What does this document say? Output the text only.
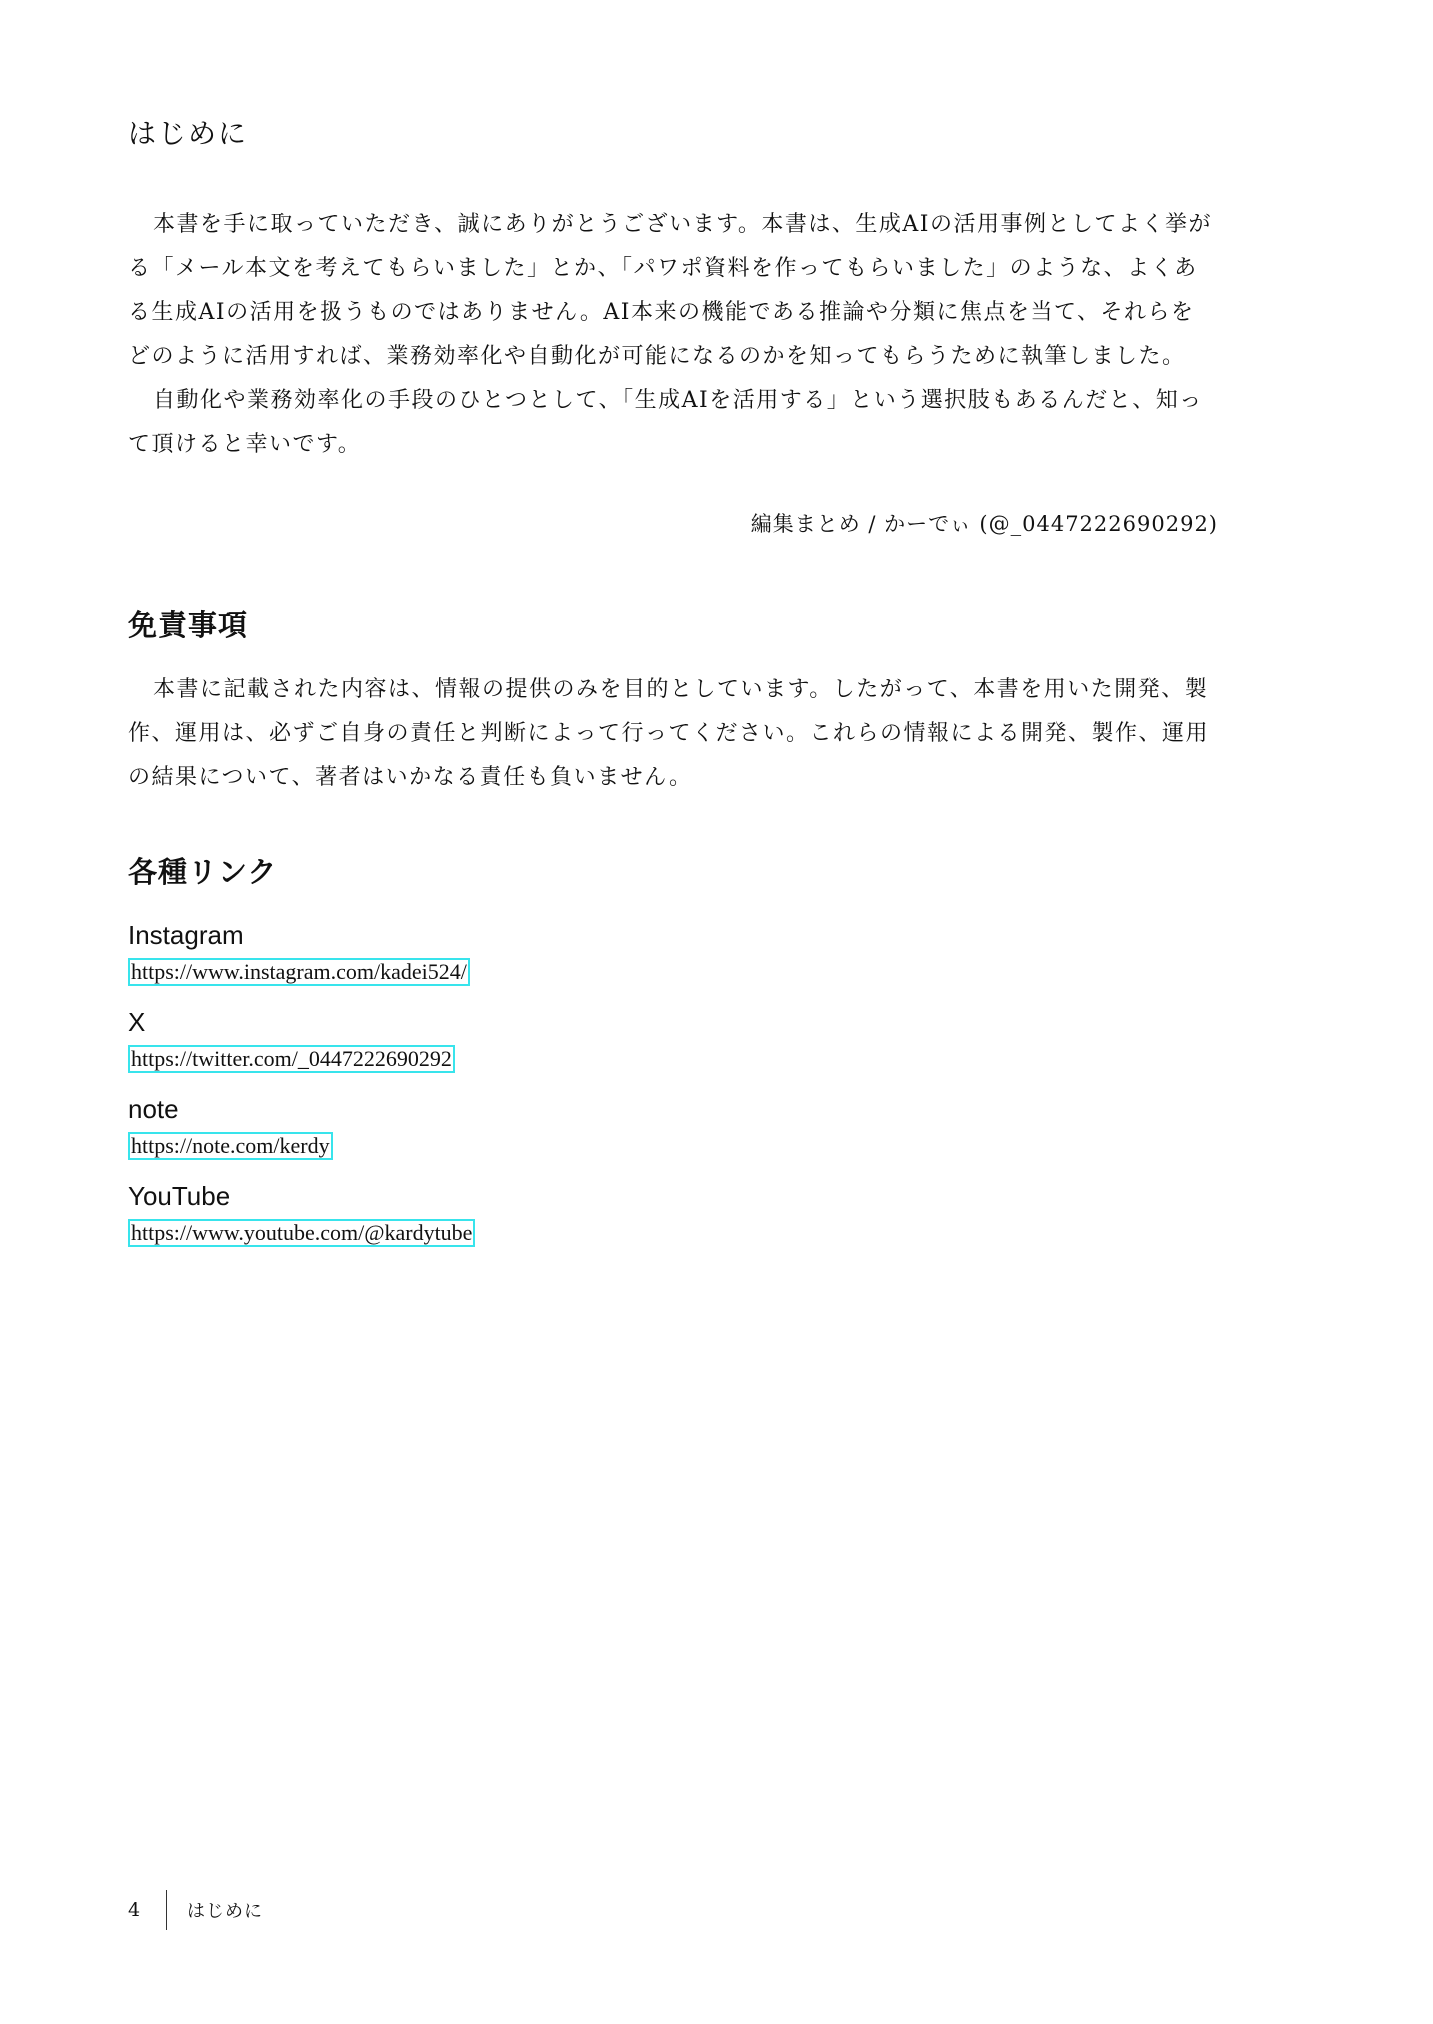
はじめに

本書を手に取っていただき、誠にありがとうございます。本書は、生成AIの活用事例としてよく挙がる「メール本文を考えてもらいました」とか、「パワポ資料を作ってもらいました」のような、よくある生成AIの活用を扱うものではありません。AI本来の機能である推論や分類に焦点を当て、それらをどのように活用すれば、業務効率化や自動化が可能になるのかを知ってもらうために執筆しました。

自動化や業務効率化の手段のひとつとして、「生成AIを活用する」という選択肢もあるんだと、知って頂けると幸いです。

編集まとめ / かーでぃ (@_0447222690292)
免責事項

本書に記載された内容は、情報の提供のみを目的としています。したがって、本書を用いた開発、製作、運用は、必ずご自身の責任と判断によって行ってください。これらの情報による開発、製作、運用の結果について、著者はいかなる責任も負いません。

各種リンク
Instagram
https://www.instagram.com/kadei524/
X
https://twitter.com/_0447222690292
note
https://note.com/kerdy
YouTube
https://www.youtube.com/@kardytube
4	はじめに
